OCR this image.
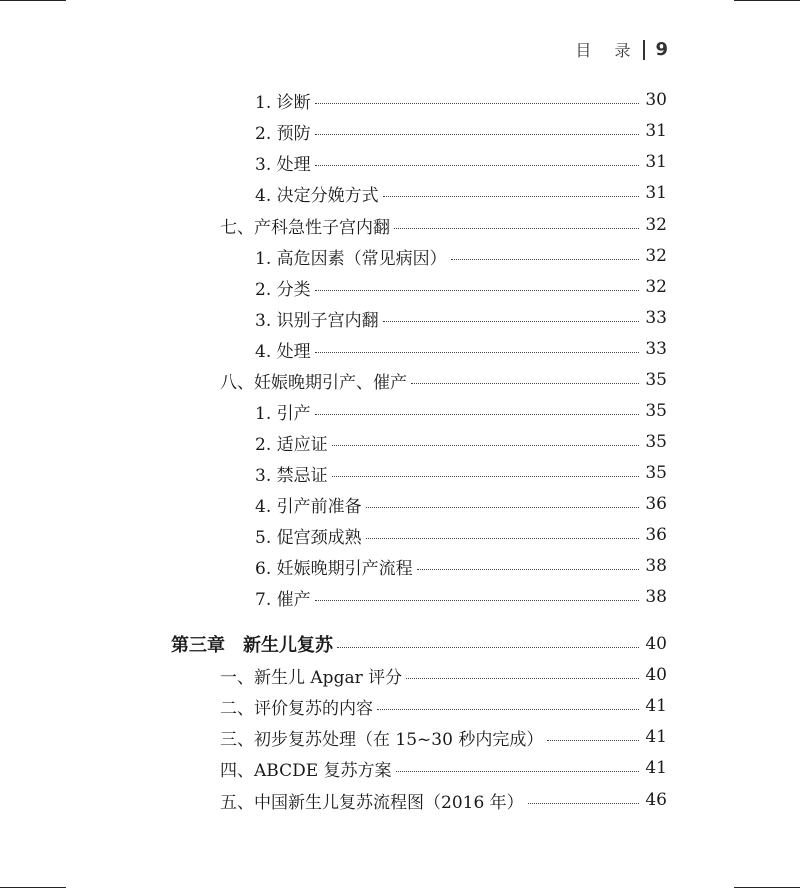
目 录 9
1. 诊断	30
2. 预防	31
3. 处理	31
4. 决定分娩方式	31
七、产科急性子宫内翻	32
1. 高危因素（常见病因）	32
2. 分类	32
3. 识别子宫内翻	33
4. 处理	33
八、妊娠晚期引产、催产	35
1. 引产	35
2. 适应证	35
3. 禁忌证	35
4. 引产前准备	36
5. 促宫颈成熟	36
6. 妊娠晚期引产流程	38
7. 催产	38
第三章 新生儿复苏	40
一、新生儿 Apgar 评分	40
二、评价复苏的内容	41
三、初步复苏处理（在 15~30 秒内完成）	41
四、ABCDE 复苏方案	41
五、中国新生儿复苏流程图（2016 年）	46
